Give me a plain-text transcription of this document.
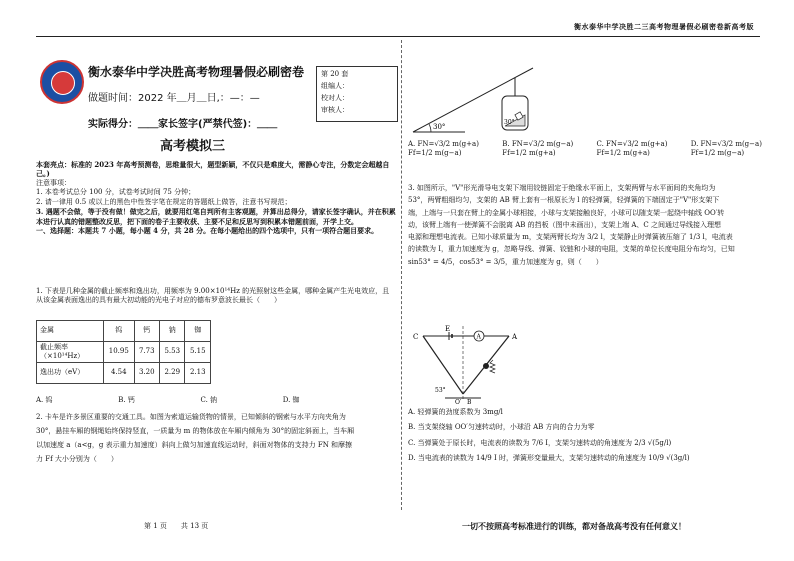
衡水泰华中学决胜二三高考物理暑假必刷密卷新高考版
衡水泰华中学决胜高考物理暑假必刷密卷
做题时间：2022 年＿月＿日,：—：—
实际得分：＿＿家长签字(严禁代签)：＿＿
第 20 套
组编人：
校对人：
审核人：
高考模拟三

本套亮点：标准的 2023 年高考预测卷，思维量很大，题型新颖，不仅只是难度大，需静心专注，分数定会超越自己。)

注意事项：

1. 本卷考试总分 100 分，试卷考试时间 75 分钟；

2. 请一律用 0.5 或以上的黑色中性签字笔在规定的答题纸上做答，注意书写规范；

3. 遇题不会做，等于没有做！做完之后，就要用红笔自判所有主客观题，并算出总得分，请家长签字确认，并在积累本进行认真的错题整改反思，把下面的卷子主要收获、主要不足和反思写到积累本错题前面，开学上交。

一、选择题：本题共 7 小题，每小题 4 分，共 28 分。在每小题给出的四个选项中，只有一项符合题目要求。

1. 下表是几种金属的截止频率和逸出功，用频率为 9.00×10¹⁴Hz 的光照射这些金属，哪种金属产生光电效应，且从该金属表面逸出的具有最大初动能的光电子对应的德布罗意波长最长（　　）

金属	钨	钙	钠	铷
截止频率（×10¹⁴Hz）	10.95	7.73	5.53	5.15
逸出功（eV）	4.54	3.20	2.29	2.13
A. 钨	B. 钙	C. 钠	D. 铷

2. 卡车是许多景区重要的交通工具。如图为索道运输货物的情景，已知倾斜的钢索与水平方向夹角为

30°，悬挂车厢的钢绳始终保持竖直，一质量为 m 的物体放在车厢内倾角为 30°的固定斜面上，当车厢

以加速度 a（a<g，g 表示重力加速度）斜向上做匀加速直线运动时，斜面对物体的支持力 FN 和摩擦

力 Ff 大小分别为（　　）

30°
30°
A. FN=√3/2 m(g+a)　Ff=1/2 m(g−a) B. FN=√3/2 m(g−a)　Ff=1/2 m(g+a) C. FN=√3/2 m(g+a)　Ff=1/2 m(g+a) D. FN=√3/2 m(g−a)　Ff=1/2 m(g−a)

3. 如图所示，"V"形光滑导电支架下端用铰链固定于绝缘水平面上，支架两臂与水平面间的夹角均为

53°，两臂粗细均匀，支架的 AB 臂上套有一根原长为 l 的轻弹簧，轻弹簧的下端固定于"V"形支架下

端，上端与一只套在臂上的金属小球相接，小球与支架接触良好，小球可以随支架一起绕中轴线 OO′转

动，该臂上端有一使弹簧不会脱离 AB 的挡板（图中未画出），支架上端 A、C 之间通过导线接入理想

电源和理想电流表。已知小球质量为 m，支架两臂长均为 3/2 l，支架静止时弹簧被压缩了 1/3 l，电流表

的读数为 I，重力加速度为 g，忽略导线、弹簧、铰链和小球的电阻，支架的单位长度电阻分布均匀，已知

sin53° = 4/5，cos53° = 3/5，重力加速度为 g，则（　　）

A
C
E
A
53°
O′ B

A. 轻弹簧的劲度系数为 3mg/l

B. 当支架绕轴 OO′匀速转动时，小球沿 AB 方向的合力为零

C. 当弹簧处于原长时，电流表的读数为 7/6 I，支架匀速转动的角速度为 2/3 √(5g/l)

D. 当电流表的读数为 14/9 I 时，弹簧形变量最大，支架匀速转动的角速度为 10/9 √(3g/l)

第 1 页　　共 13 页	一切不按照高考标准进行的训练，都对备战高考没有任何意义！
